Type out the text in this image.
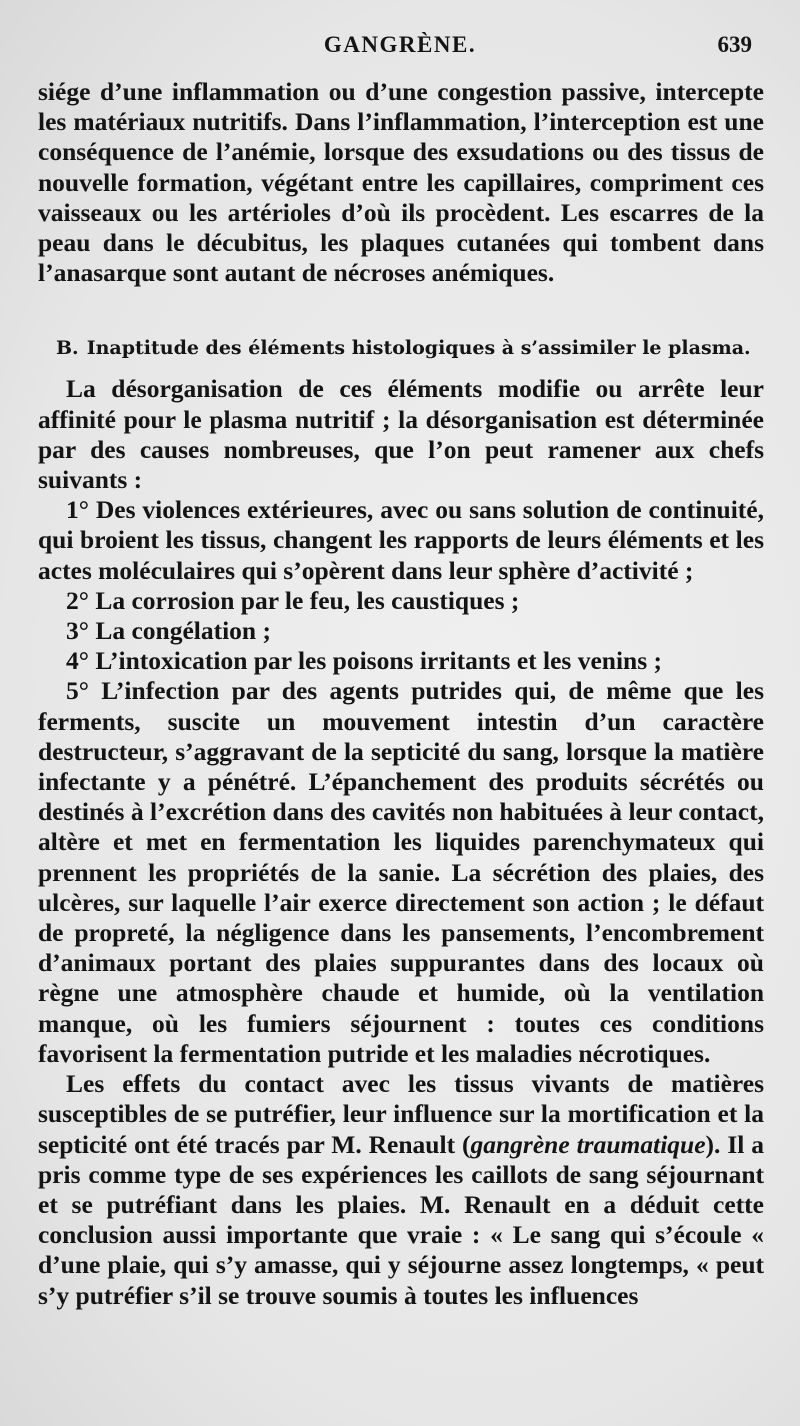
GANGRÈNE.	639

siége d’une inflammation ou d’une congestion passive, intercepte les matériaux nutritifs. Dans l’inflammation, l’interception est une conséquence de l’anémie, lorsque des exsudations ou des tissus de nouvelle formation, végétant entre les capillaires, compriment ces vaisseaux ou les artérioles d’où ils procèdent. Les escarres de la peau dans le décubitus, les plaques cutanées qui tombent dans l’anasarque sont autant de nécroses anémiques.

B. Inaptitude des éléments histologiques à s’assimiler le plasma.

La désorganisation de ces éléments modifie ou arrête leur affinité pour le plasma nutritif ; la désorganisation est déterminée par des causes nombreuses, que l’on peut ramener aux chefs suivants :

1° Des violences extérieures, avec ou sans solution de continuité, qui broient les tissus, changent les rapports de leurs éléments et les actes moléculaires qui s’opèrent dans leur sphère d’activité ;

2° La corrosion par le feu, les caustiques ;

3° La congélation ;

4° L’intoxication par les poisons irritants et les venins ;

5° L’infection par des agents putrides qui, de même que les ferments, suscite un mouvement intestin d’un caractère destructeur, s’aggravant de la septicité du sang, lorsque la matière infectante y a pénétré. L’épanchement des produits sécrétés ou destinés à l’excrétion dans des cavités non habituées à leur contact, altère et met en fermentation les liquides parenchymateux qui prennent les propriétés de la sanie. La sécrétion des plaies, des ulcères, sur laquelle l’air exerce directement son action ; le défaut de propreté, la négligence dans les pansements, l’encombrement d’animaux portant des plaies suppurantes dans des locaux où règne une atmosphère chaude et humide, où la ventilation manque, où les fumiers séjournent : toutes ces conditions favorisent la fermentation putride et les maladies nécrotiques.

Les effets du contact avec les tissus vivants de matières susceptibles de se putréfier, leur influence sur la mortification et la septicité ont été tracés par M. Renault (gangrène traumatique). Il a pris comme type de ses expériences les caillots de sang séjournant et se putréfiant dans les plaies. M. Renault en a déduit cette conclusion aussi importante que vraie : « Le sang qui s’écoule « d’une plaie, qui s’y amasse, qui y séjourne assez longtemps, « peut s’y putréfier s’il se trouve soumis à toutes les influences
